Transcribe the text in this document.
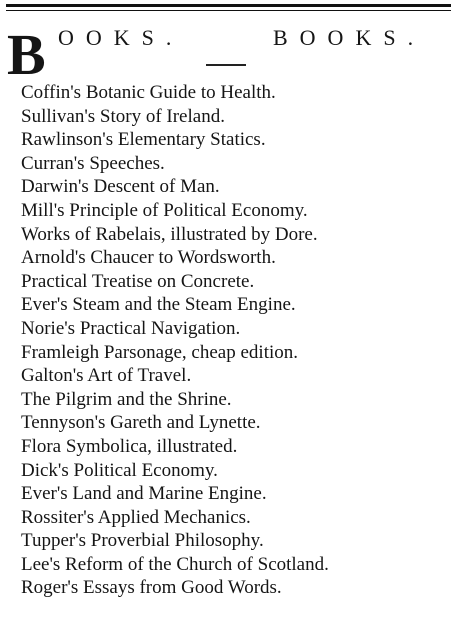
B OOKS.	BOOKS.
Coffin's Botanic Guide to Health.
Sullivan's Story of Ireland.
Rawlinson's Elementary Statics.
Curran's Speeches.
Darwin's Descent of Man.
Mill's Principle of Political Economy.
Works of Rabelais, illustrated by Dore.
Arnold's Chaucer to Wordsworth.
Practical Treatise on Concrete.
Ever's Steam and the Steam Engine.
Norie's Practical Navigation.
Framleigh Parsonage, cheap edition.
Galton's Art of Travel.
The Pilgrim and the Shrine.
Tennyson's Gareth and Lynette.
Flora Symbolica, illustrated.
Dick's Political Economy.
Ever's Land and Marine Engine.
Rossiter's Applied Mechanics.
Tupper's Proverbial Philosophy.
Lee's Reform of the Church of Scotland.
Roger's Essays from Good Words.
